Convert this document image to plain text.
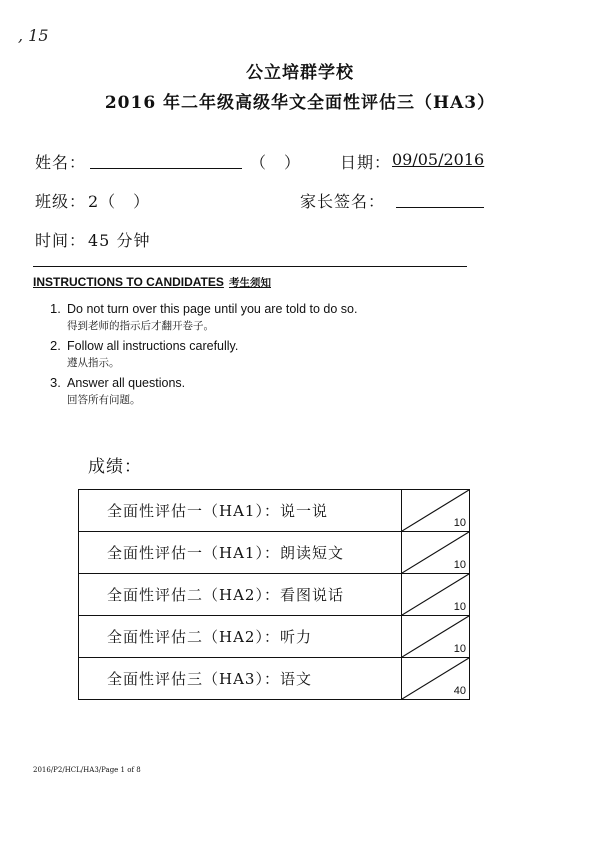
, 15
公立培群学校
2016 年二年级高级华文全面性评估三（HA3）
姓名：	（　） 日期： 09/05/2016
班级： 2（　）	家长签名：
时间： 45 分钟
INSTRUCTIONS TO CANDIDATES 考生须知
1. Do not turn over this page until you are told to do so.
得到老师的指示后才翻开卷子。
2. Follow all instructions carefully.
遵从指示。
3. Answer all questions.
回答所有问题。
成绩：
全面性评估一（HA1）：说一说	10

全面性评估一（HA1）：朗读短文	10

全面性评估二（HA2）：看图说话	10

全面性评估二（HA2）：听力	10

全面性评估三（HA3）：语文	40
2016/P2/HCL/HA3/Page 1 of 8
